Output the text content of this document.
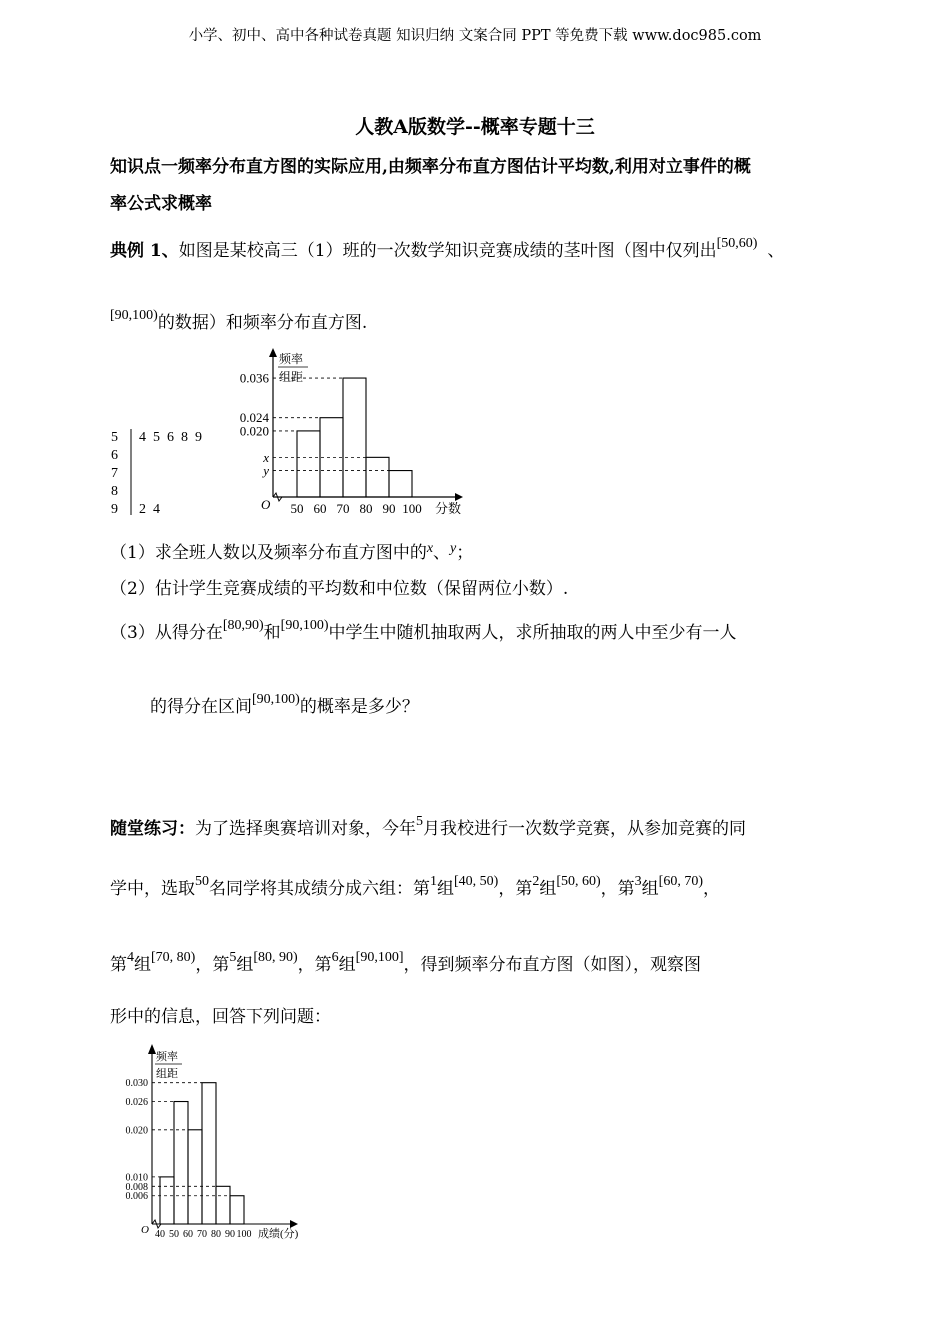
小学、初中、高中各种试卷真题 知识归纳 文案合同 PPT 等免费下载 www.doc985.com
人教A版数学--概率专题十三
知识点一频率分布直方图的实际应用,由频率分布直方图估计平均数,利用对立事件的概
率公式求概率
典例 1、如图是某校高三（1）班的一次数学知识竞赛成绩的茎叶图（图中仅列出$^{[50,60)}$ 、
$^{[90,100)}$的数据）和频率分布直方图.
5
6
7
8
9
4  5  6  8  9
2  4
频率
组距
O	分数
0.036
0.024
0.020
x
y
50 60 70 80 90 100
（1）求全班人数以及频率分布直方图中的$^x$、$^y$；
（2）估计学生竞赛成绩的平均数和中位数（保留两位小数）.
（3）从得分在$^{[80,90)}$和$^{[90,100)}$中学生中随机抽取两人，求所抽取的两人中至少有一人
的得分在区间$^{[90,100)}$的概率是多少？
随堂练习：为了选择奥赛培训对象，今年$^5$月我校进行一次数学竞赛，从参加竞赛的同
学中，选取$^{50}$名同学将其成绩分成六组：第$^1$组$^{[40, 50)}$，第$^2$组$^{[50, 60)}$，第$^3$组$^{[60, 70)}$，
第$^4$组$^{[70, 80)}$，第$^5$组$^{[80, 90)}$，第$^6$组[90,100]，得到频率分布直方图（如图），观察图
形中的信息，回答下列问题：
频率
组距
O	成绩(分)
0.030
0.026
0.020
0.010
0.008
0.006
40 50 60 70 80 90 100
